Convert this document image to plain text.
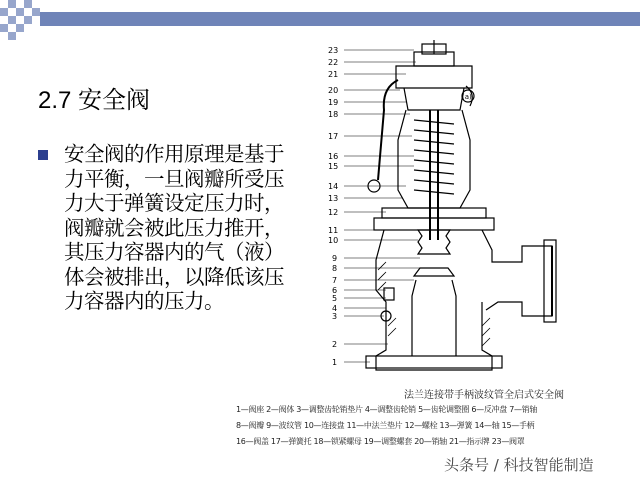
2.7 安全阀
安全阀的作用原理是基于力平衡，一旦阀瓣所受压力大于弹簧设定压力时，阀瓣就会被此压力推开，其压力容器内的气（液）体会被排出，以降低该压力容器内的压力。
23
22
21
20
19
18
17
16
15
14
13
12
11
10
9
8
7
6
5
4
3
2
1
(a)
法兰连接带手柄波纹管全启式安全阀
1—阀座 2—阀体 3—调整齿轮销垫片 4—调整齿轮销 5—齿轮调整圈 6—反冲盘 7—销轴
8—阀瓣 9—波纹管 10—连接盘 11—中法兰垫片 12—螺栓 13—弹簧 14—轴 15—手柄
16—阀盖 17—弹簧托 18—锁紧螺母 19—调整螺套 20—销轴 21—指示牌 23—阀罩
头条号 / 科技智能制造
